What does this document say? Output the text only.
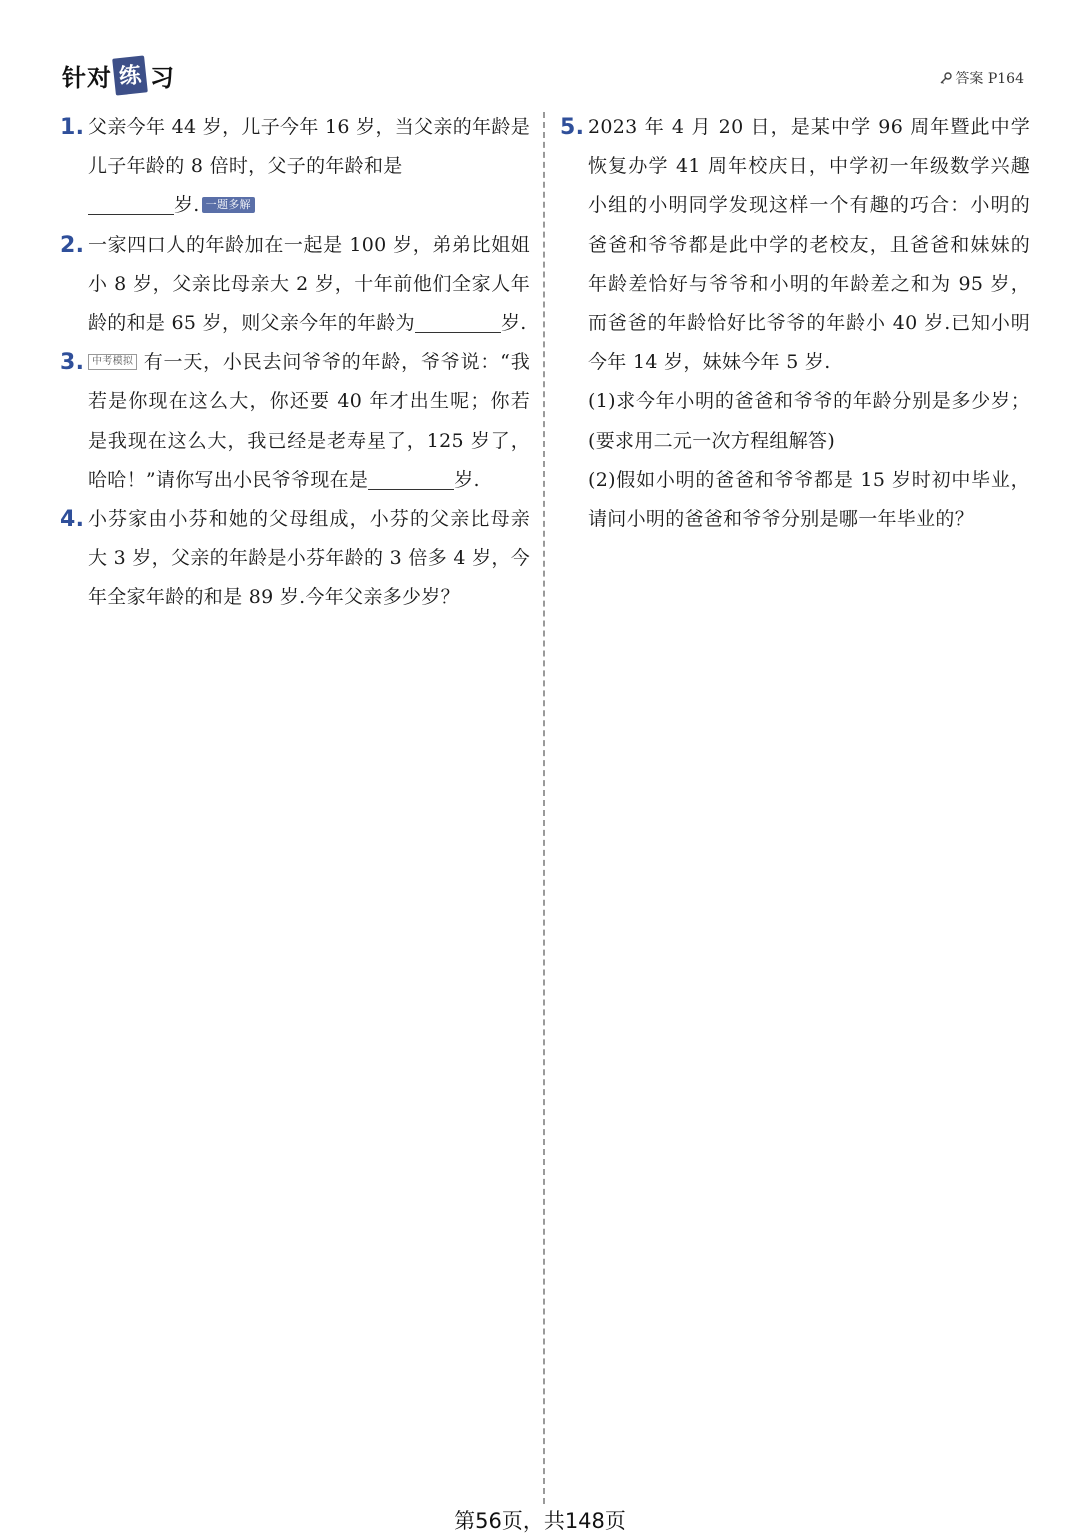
针对 练 习	答案 P164
1. 父亲今年 44 岁，儿子今年 16 岁，当父亲的年龄是儿子年龄的 8 倍时，父子的年龄和是
岁. 一题多解
2. 一家四口人的年龄加在一起是 100 岁，弟弟比姐姐小 8 岁，父亲比母亲大 2 岁，十年前他们全家人年龄的和是 65 岁，则父亲今年的年龄为	岁.
3. 中考模拟 有一天，小民去问爷爷的年龄，爷爷说：“我若是你现在这么大，你还要 40 年才出生呢；你若是我现在这么大，我已经是老寿星了，125 岁了，哈哈！”请你写出小民爷爷现在是	岁.
4. 小芬家由小芬和她的父母组成，小芬的父亲比母亲大 3 岁，父亲的年龄是小芬年龄的 3 倍多 4 岁，今年全家年龄的和是 89 岁.今年父亲多少岁？
5. 2023 年 4 月 20 日，是某中学 96 周年暨此中学恢复办学 41 周年校庆日，中学初一年级数学兴趣小组的小明同学发现这样一个有趣的巧合：小明的爸爸和爷爷都是此中学的老校友，且爸爸和妹妹的年龄差恰好与爷爷和小明的年龄差之和为 95 岁，而爸爸的年龄恰好比爷爷的年龄小 40 岁.已知小明今年 14 岁，妹妹今年 5 岁.
(1)求今年小明的爸爸和爷爷的年龄分别是多少岁；(要求用二元一次方程组解答)
(2)假如小明的爸爸和爷爷都是 15 岁时初中毕业，请问小明的爸爸和爷爷分别是哪一年毕业的？
第56页，共148页
